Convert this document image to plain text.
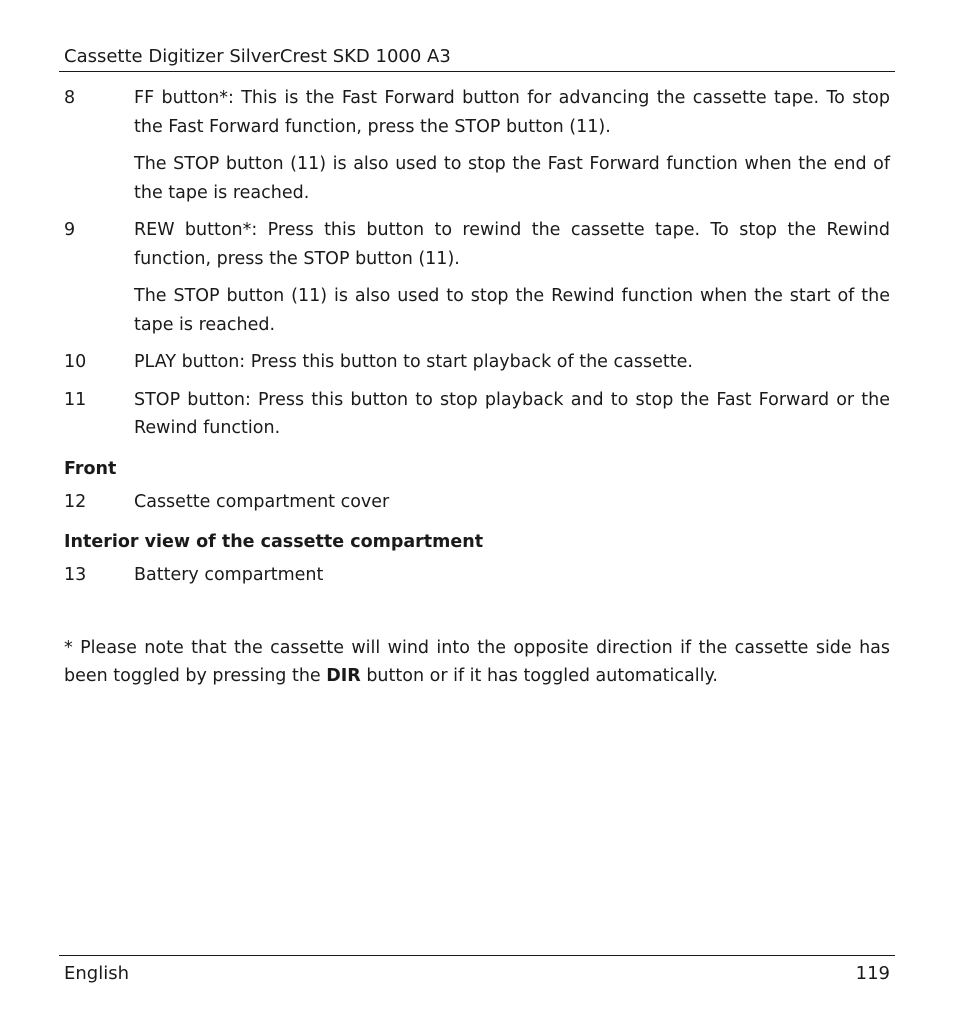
Cassette Digitizer SilverCrest SKD 1000 A3
8	FF button*: This is the Fast Forward button for advancing the cassette tape. To stop the Fast Forward function, press the STOP button (11).

The STOP button (11) is also used to stop the Fast Forward function when the end of the tape is reached.

9	REW button*: Press this button to rewind the cassette tape. To stop the Rewind function, press the STOP button (11).

The STOP button (11) is also used to stop the Rewind function when the start of the tape is reached.

10	PLAY button: Press this button to start playback of the cassette.

11	STOP button: Press this button to stop playback and to stop the Fast Forward or the Rewind function.

Front
12	Cassette compartment cover
Interior view of the cassette compartment
13	Battery compartment
* Please note that the cassette will wind into the opposite direction if the cassette side has been toggled by pressing the DIR button or if it has toggled automatically.
English	119
